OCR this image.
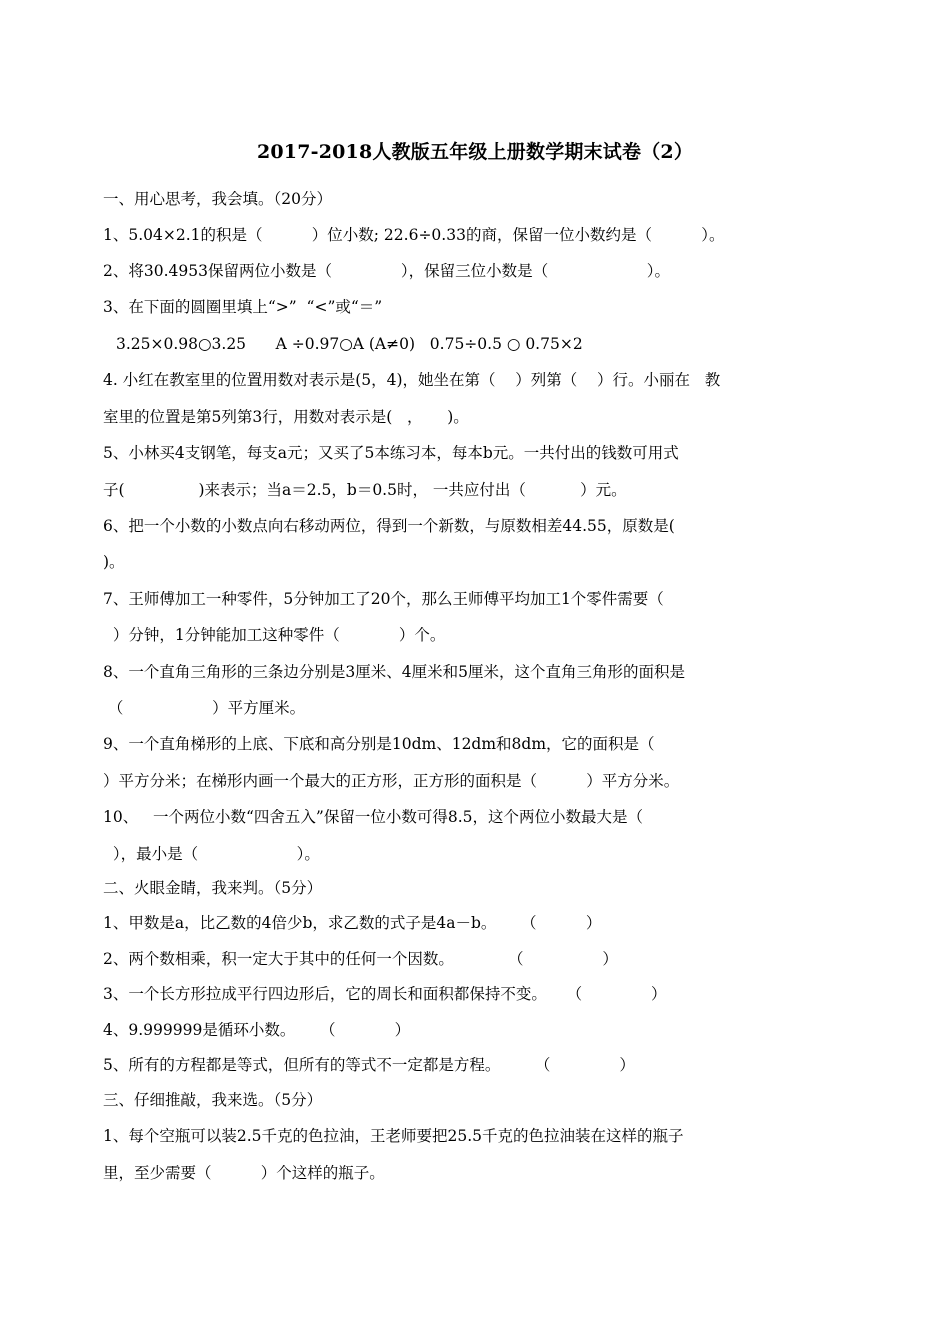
2017-2018人教版五年级上册数学期末试卷（2）
一、用心思考，我会填。（20分）
1、5.04×2.1的积是（          ）位小数; 22.6÷0.33的商，保留一位小数约是（          ）。
2、将30.4953保留两位小数是（              ），保留三位小数是（                    ）。
3、在下面的圆圈里填上“>”  “<”或“＝”
3.25×0.98○3.25      A ÷0.97○A (A≠0)   0.75÷0.5 ○ 0.75×2
4. 小红在教室里的位置用数对表示是(5，4)，她坐在第（    ）列第（    ）行。小丽在   教
室里的位置是第5列第3行，用数对表示是(   ，     )。
5、小林买4支钢笔，每支a元；又买了5本练习本，每本b元。一共付出的钱数可用式
子(               )来表示；当a＝2.5，b＝0.5时， 一共应付出（           ）元。
6、把一个小数的小数点向右移动两位，得到一个新数，与原数相差44.55，原数是(
)。
7、王师傅加工一种零件，5分钟加工了20个，那么王师傅平均加工1个零件需要（
）分钟，1分钟能加工这种零件（            ）个。
8、一个直角三角形的三条边分别是3厘米、4厘米和5厘米，这个直角三角形的面积是
（                  ）平方厘米。
9、一个直角梯形的上底、下底和高分别是10dm、12dm和8dm，它的面积是（
）平方分米；在梯形内画一个最大的正方形，正方形的面积是（          ）平方分米。
10、   一个两位小数“四舍五入”保留一位小数可得8.5，这个两位小数最大是（
），最小是（                    ）。
二、火眼金睛，我来判。（5分）
1、甲数是a，比乙数的4倍少b，求乙数的式子是4a－b。     （          ）
2、两个数相乘，积一定大于其中的任何一个因数。           （                ）
3、一个长方形拉成平行四边形后，它的周长和面积都保持不变。    （              ）
4、9.999999是循环小数。     （            ）
5、所有的方程都是等式，但所有的等式不一定都是方程。       （              ）
三、仔细推敲，我来选。（5分）
1、每个空瓶可以装2.5千克的色拉油，王老师要把25.5千克的色拉油装在这样的瓶子
里，至少需要（          ）个这样的瓶子。
